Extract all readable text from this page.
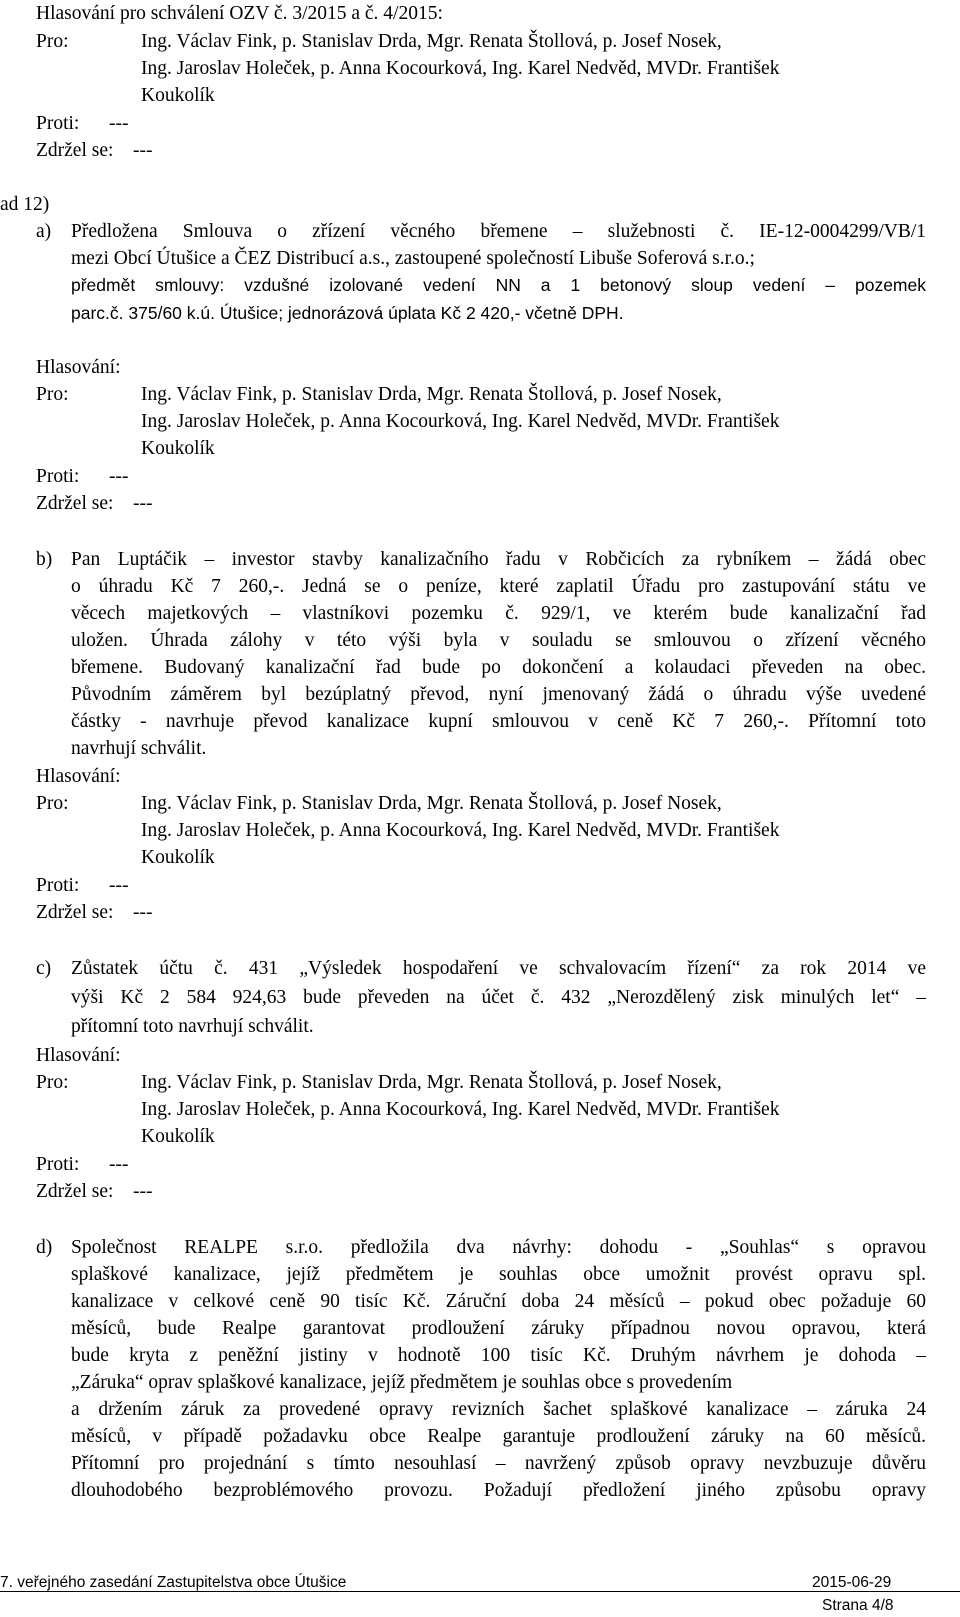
Hlasování pro schválení OZV č. 3/2015 a č. 4/2015:
Pro:	Ing. Václav Fink, p. Stanislav Drda, Mgr. Renata Štollová, p. Josef Nosek,
Ing. Jaroslav Holeček, p. Anna Kocourková, Ing. Karel Nedvěd, MVDr. František
Koukolík
Proti: ---
Zdržel se: ---
ad 12)
a) Předložena Smlouva o zřízení věcného břemene – služebnosti č. IE-12-0004299/VB/1
mezi Obcí Útušice a ČEZ Distribucí a.s., zastoupené společností Libuše Soferová s.r.o.;
předmět smlouvy: vzdušné izolované vedení NN a 1 betonový sloup vedení – pozemek
parc.č. 375/60 k.ú. Útušice; jednorázová úplata Kč 2 420,- včetně DPH.
Hlasování:
Pro:	Ing. Václav Fink, p. Stanislav Drda, Mgr. Renata Štollová, p. Josef Nosek,
Ing. Jaroslav Holeček, p. Anna Kocourková, Ing. Karel Nedvěd, MVDr. František
Koukolík
Proti: ---
Zdržel se: ---
b) Pan Luptáčik – investor stavby kanalizačního řadu v Robčicích za rybníkem – žádá obec
o úhradu Kč 7 260,-. Jedná se o peníze, které zaplatil Úřadu pro zastupování státu ve
věcech majetkových – vlastníkovi pozemku č. 929/1, ve kterém bude kanalizační řad
uložen. Úhrada zálohy v této výši byla v souladu se smlouvou o zřízení věcného
břemene. Budovaný kanalizační řad bude po dokončení a kolaudaci převeden na obec.
Původním záměrem byl bezúplatný převod, nyní jmenovaný žádá o úhradu výše uvedené
částky - navrhuje převod kanalizace kupní smlouvou v ceně Kč 7 260,-. Přítomní toto
navrhují schválit.
Hlasování:
Pro:	Ing. Václav Fink, p. Stanislav Drda, Mgr. Renata Štollová, p. Josef Nosek,
Ing. Jaroslav Holeček, p. Anna Kocourková, Ing. Karel Nedvěd, MVDr. František
Koukolík
Proti: ---
Zdržel se: ---
c) Zůstatek účtu č. 431 „Výsledek hospodaření ve schvalovacím řízení“ za rok 2014 ve
výši Kč 2 584 924,63 bude převeden na účet č. 432 „Nerozdělený zisk minulých let“ –
přítomní toto navrhují schválit.
Hlasování:
Pro:	Ing. Václav Fink, p. Stanislav Drda, Mgr. Renata Štollová, p. Josef Nosek,
Ing. Jaroslav Holeček, p. Anna Kocourková, Ing. Karel Nedvěd, MVDr. František
Koukolík
Proti: ---
Zdržel se: ---
d) Společnost REALPE s.r.o. předložila dva návrhy: dohodu - „Souhlas“ s opravou
splaškové kanalizace, jejíž předmětem je souhlas obce umožnit provést opravu spl.
kanalizace v celkové ceně 90 tisíc Kč. Záruční doba 24 měsíců – pokud obec požaduje 60
měsíců, bude Realpe garantovat prodloužení záruky případnou novou opravou, která
bude kryta z peněžní jistiny v hodnotě 100 tisíc Kč. Druhým návrhem je dohoda –
„Záruka“ oprav splaškové kanalizace, jejíž předmětem je souhlas obce s provedením
a držením záruk za provedené opravy revizních šachet splaškové kanalizace – záruka 24
měsíců, v případě požadavku obce Realpe garantuje prodloužení záruky na 60 měsíců.
Přítomní pro projednání s tímto nesouhlasí – navržený způsob opravy nevzbuzuje důvěru
dlouhodobého bezproblémového provozu. Požadují předložení jiného způsobu opravy
7. veřejného zasedání Zastupitelstva obce Útušice	2015-06-29
Strana 4/8
